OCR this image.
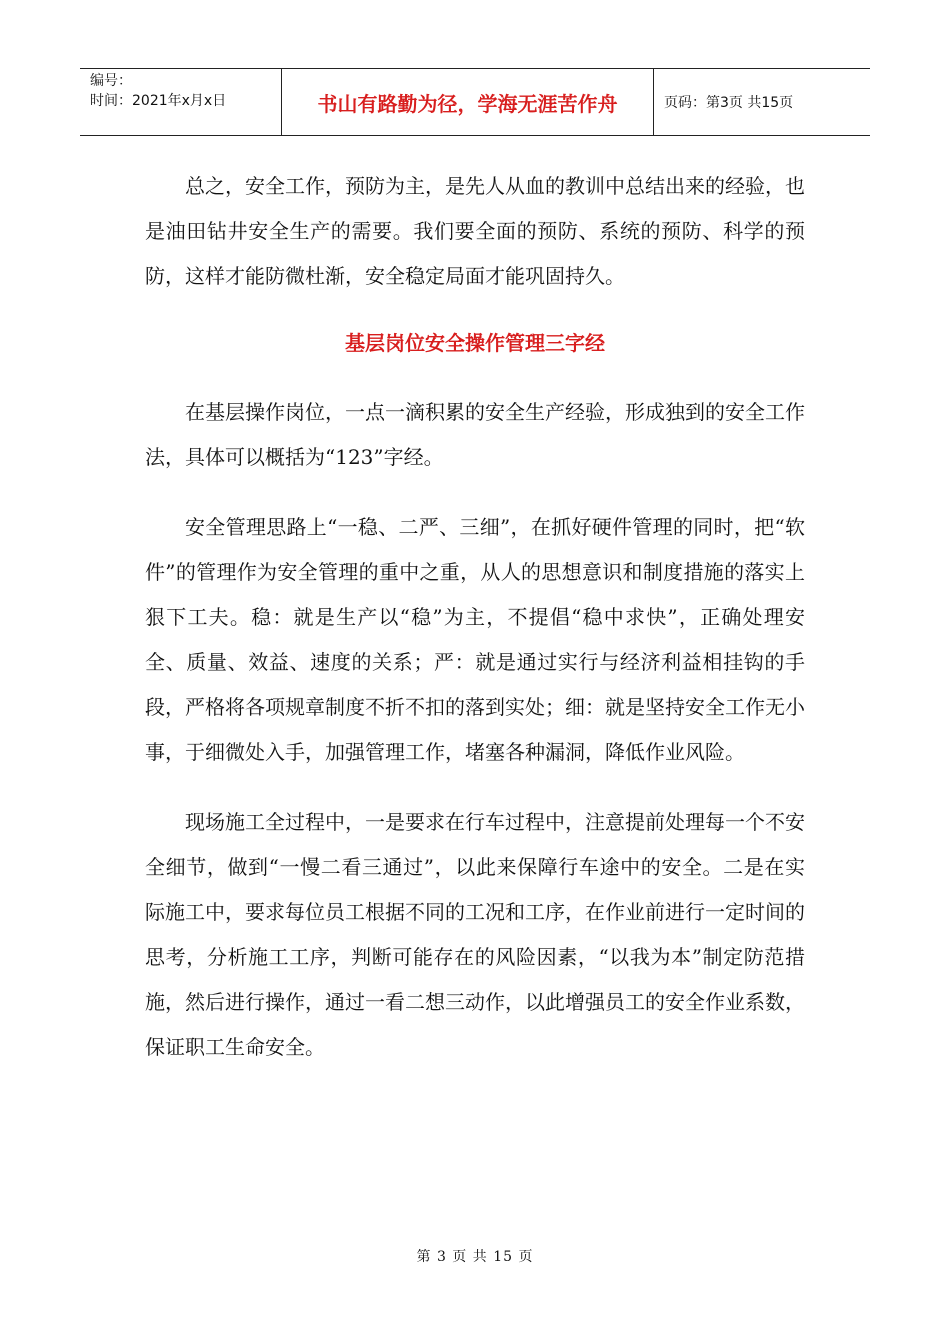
编号：
时间：2021年x月x日	书山有路勤为径，学海无涯苦作舟	页码：第3页 共15页

总之，安全工作，预防为主，是先人从血的教训中总结出来的经验，也是油田钻井安全生产的需要。我们要全面的预防、系统的预防、科学的预防，这样才能防微杜渐，安全稳定局面才能巩固持久。

基层岗位安全操作管理三字经

在基层操作岗位，一点一滴积累的安全生产经验，形成独到的安全工作法，具体可以概括为“123”字经。

安全管理思路上“一稳、二严、三细”，在抓好硬件管理的同时，把“软件”的管理作为安全管理的重中之重，从人的思想意识和制度措施的落实上狠下工夫。稳：就是生产以“稳”为主，不提倡“稳中求快”，正确处理安全、质量、效益、速度的关系；严：就是通过实行与经济利益相挂钩的手段，严格将各项规章制度不折不扣的落到实处；细：就是坚持安全工作无小事，于细微处入手，加强管理工作，堵塞各种漏洞，降低作业风险。

现场施工全过程中，一是要求在行车过程中，注意提前处理每一个不安全细节，做到“一慢二看三通过”，以此来保障行车途中的安全。二是在实际施工中，要求每位员工根据不同的工况和工序，在作业前进行一定时间的思考，分析施工工序，判断可能存在的风险因素，“以我为本”制定防范措施，然后进行操作，通过一看二想三动作，以此增强员工的安全作业系数，保证职工生命安全。

第 3 页 共 15 页
